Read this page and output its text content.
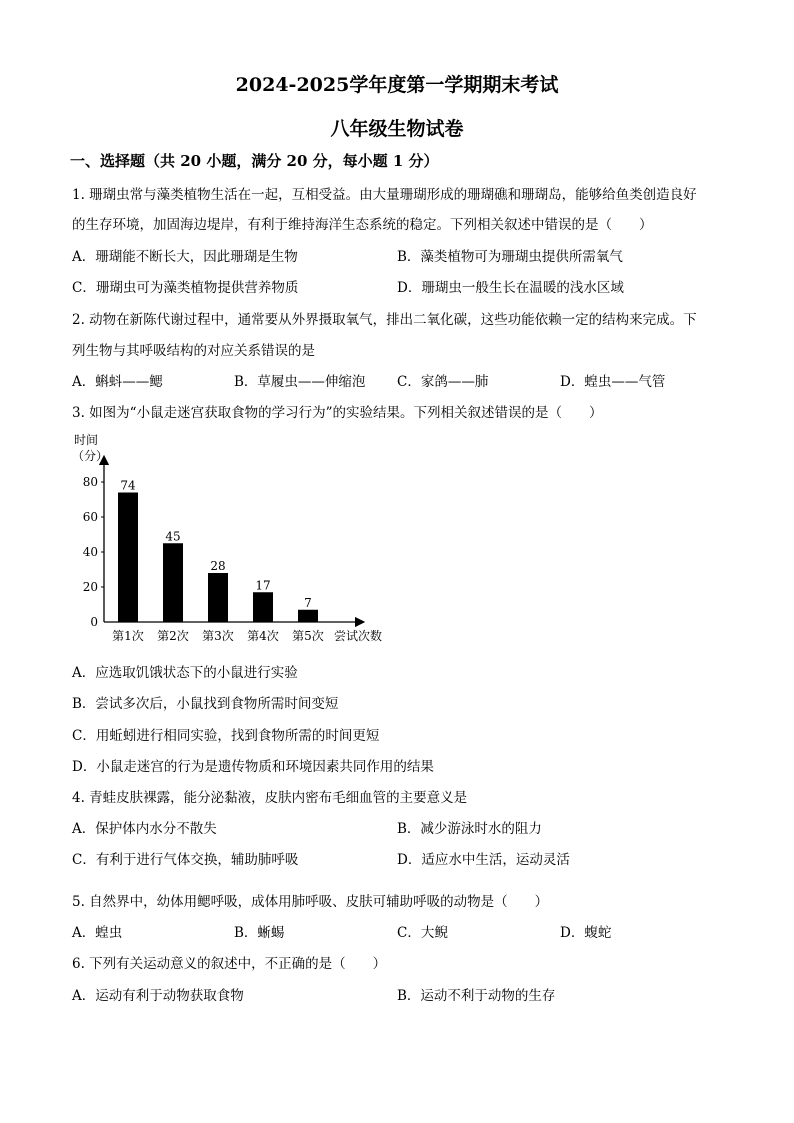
2024-2025学年度第一学期期末考试
八年级生物试卷
一、选择题（共 20 小题，满分 20 分，每小题 1 分）
1. 珊瑚虫常与藻类植物生活在一起，互相受益。由大量珊瑚形成的珊瑚礁和珊瑚岛，能够给鱼类创造良好
的生存环境，加固海边堤岸，有利于维持海洋生态系统的稳定。下列相关叙述中错误的是（　　）
A．珊瑚能不断长大，因此珊瑚是生物	B．藻类植物可为珊瑚虫提供所需氧气
C．珊瑚虫可为藻类植物提供营养物质	D．珊瑚虫一般生长在温暖的浅水区域
2. 动物在新陈代谢过程中，通常要从外界摄取氧气，排出二氧化碳，这些功能依赖一定的结构来完成。下
列生物与其呼吸结构的对应关系错误的是
A．蝌蚪——鳃	B．草履虫——伸缩泡 C．家鸽——肺	D．蝗虫——气管
3. 如图为“小鼠走迷宫获取食物的学习行为”的实验结果。下列相关叙述错误的是（　　）
时间
（分）
0
20
40
60
80 74
45
28
17
7
第1次 第2次 第3次 第4次 第5次 尝试次数
A．应选取饥饿状态下的小鼠进行实验
B．尝试多次后，小鼠找到食物所需时间变短
C．用蚯蚓进行相同实验，找到食物所需的时间更短
D．小鼠走迷宫的行为是遗传物质和环境因素共同作用的结果
4. 青蛙皮肤裸露，能分泌黏液，皮肤内密布毛细血管的主要意义是
A．保护体内水分不散失	B．减少游泳时水的阻力
C．有利于进行气体交换，辅助肺呼吸	D．适应水中生活，运动灵活
5. 自然界中，幼体用鳃呼吸，成体用肺呼吸、皮肤可辅助呼吸的动物是（　　）
A．蝗虫	B．蜥蜴	C．大鲵	D．蝮蛇
6. 下列有关运动意义的叙述中，不正确的是（　　）
A．运动有利于动物获取食物	B．运动不利于动物的生存
